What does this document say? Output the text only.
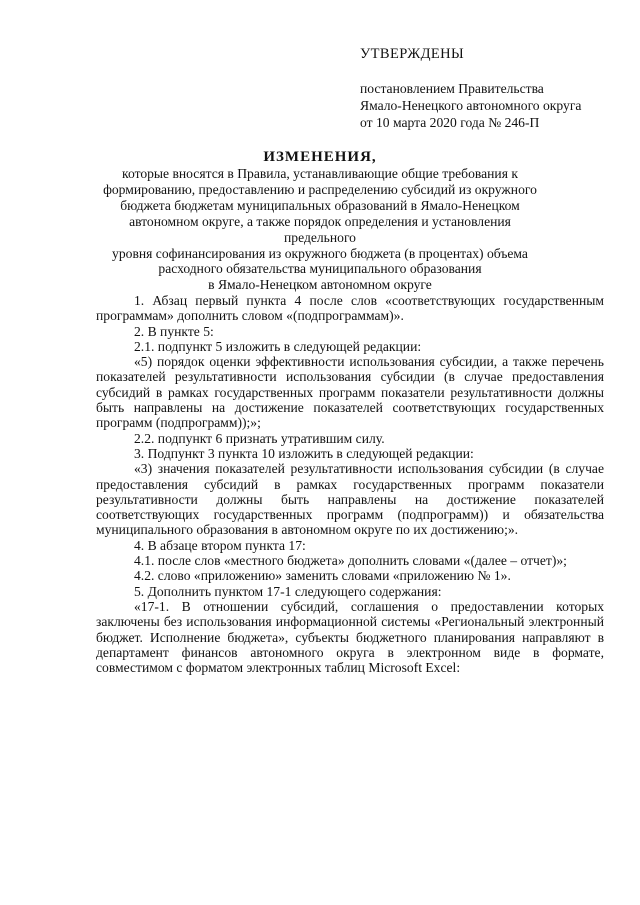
УТВЕРЖДЕНЫ
постановлением Правительства
Ямало-Ненецкого автономного округа
от 10 марта 2020 года № 246-П
ИЗМЕНЕНИЯ,
которые вносятся в Правила, устанавливающие общие требования к
формированию, предоставлению и распределению субсидий из окружного
бюджета бюджетам муниципальных образований в Ямало-Ненецком
автономном округе, а также порядок определения и установления предельного
уровня софинансирования из окружного бюджета (в процентах) объема
расходного обязательства муниципального образования
в Ямало-Ненецком автономном округе

1. Абзац первый пункта 4 после слов «соответствующих государственным программам» дополнить словом «(подпрограммам)».

2. В пункте 5:

2.1. подпункт 5 изложить в следующей редакции:

«5) порядок оценки эффективности использования субсидии, а также перечень показателей результативности использования субсидии (в случае предоставления субсидий в рамках государственных программ показатели результативности должны быть направлены на достижение показателей соответствующих государственных программ (подпрограмм));»;

2.2. подпункт 6 признать утратившим силу.

3. Подпункт 3 пункта 10 изложить в следующей редакции:

«3) значения показателей результативности использования субсидии (в случае предоставления субсидий в рамках государственных программ показатели результативности должны быть направлены на достижение показателей соответствующих государственных программ (подпрограмм)) и обязательства муниципального образования в автономном округе по их достижению;».

4. В абзаце втором пункта 17:

4.1. после слов «местного бюджета» дополнить словами «(далее – отчет)»;

4.2. слово «приложению» заменить словами «приложению № 1».

5. Дополнить пунктом 17-1 следующего содержания:

«17-1. В отношении субсидий, соглашения о предоставлении которых заключены без использования информационной системы «Региональный электронный бюджет. Исполнение бюджета», субъекты бюджетного планирования направляют в департамент финансов автономного округа в электронном виде в формате, совместимом с форматом электронных таблиц Microsoft Excel:
